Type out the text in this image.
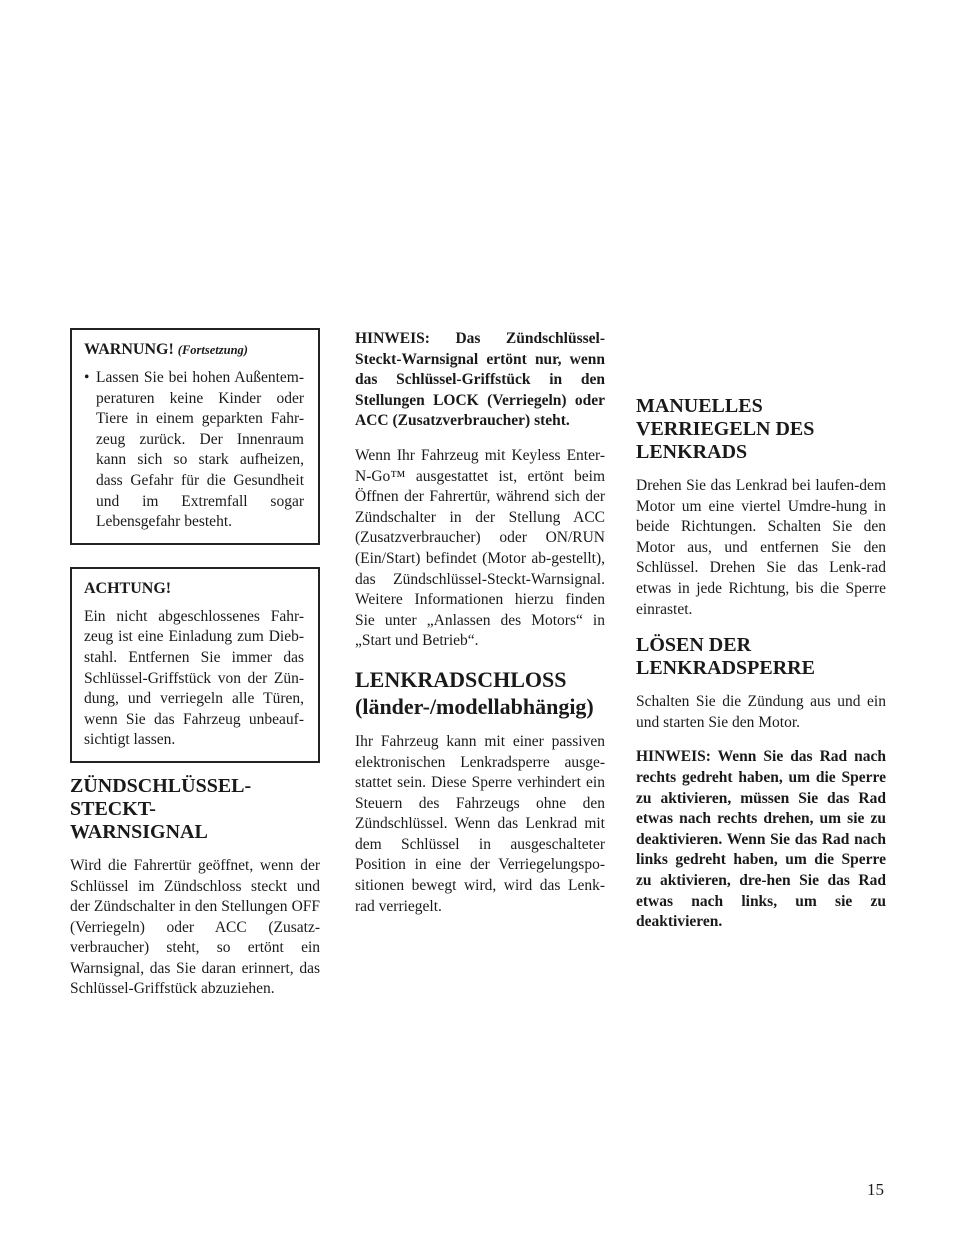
WARNUNG! (Fortsetzung)
• Lassen Sie bei hohen Außentem-peraturen keine Kinder oder Tiere in einem geparkten Fahr-zeug zurück. Der Innenraum kann sich so stark aufheizen, dass Gefahr für die Gesundheit und im Extremfall sogar Lebensgefahr besteht.
ACHTUNG!

Ein nicht abgeschlossenes Fahr-zeug ist eine Einladung zum Dieb-stahl. Entfernen Sie immer das Schlüssel-Griffstück von der Zün-dung, und verriegeln alle Türen, wenn Sie das Fahrzeug unbeauf-sichtigt lassen.

ZÜNDSCHLÜSSEL-STECKT-WARNSIGNAL

Wird die Fahrertür geöffnet, wenn der Schlüssel im Zündschloss steckt und der Zündschalter in den Stellungen OFF (Verriegeln) oder ACC (Zusatz-verbraucher) steht, so ertönt ein Warnsignal, das Sie daran erinnert, das Schlüssel-Griffstück abzuziehen.

HINWEIS: Das Zündschlüssel-Steckt-Warnsignal ertönt nur, wenn das Schlüssel-Griffstück in den Stellungen LOCK (Verriegeln) oder ACC (Zusatzverbraucher) steht.

Wenn Ihr Fahrzeug mit Keyless Enter-N-Go™ ausgestattet ist, ertönt beim Öffnen der Fahrertür, während sich der Zündschalter in der Stellung ACC (Zusatzverbraucher) oder ON/RUN (Ein/Start) befindet (Motor ab-gestellt), das Zündschlüssel-Steckt-Warnsignal. Weitere Informationen hierzu finden Sie unter „Anlassen des Motors“ in „Start und Betrieb“.

LENKRADSCHLOSS (länder-/modellabhängig)

Ihr Fahrzeug kann mit einer passiven elektronischen Lenkradsperre ausge-stattet sein. Diese Sperre verhindert ein Steuern des Fahrzeugs ohne den Zündschlüssel. Wenn das Lenkrad mit dem Schlüssel in ausgeschalteter Position in eine der Verriegelungspo-sitionen bewegt wird, wird das Lenk-rad verriegelt.

MANUELLES VERRIEGELN DES LENKRADS

Drehen Sie das Lenkrad bei laufen-dem Motor um eine viertel Umdre-hung in beide Richtungen. Schalten Sie den Motor aus, und entfernen Sie den Schlüssel. Drehen Sie das Lenk-rad etwas in jede Richtung, bis die Sperre einrastet.

LÖSEN DER LENKRADSPERRE

Schalten Sie die Zündung aus und ein und starten Sie den Motor.

HINWEIS: Wenn Sie das Rad nach rechts gedreht haben, um die Sperre zu aktivieren, müssen Sie das Rad etwas nach rechts drehen, um sie zu deaktivieren. Wenn Sie das Rad nach links gedreht haben, um die Sperre zu aktivieren, dre-hen Sie das Rad etwas nach links, um sie zu deaktivieren.

15
